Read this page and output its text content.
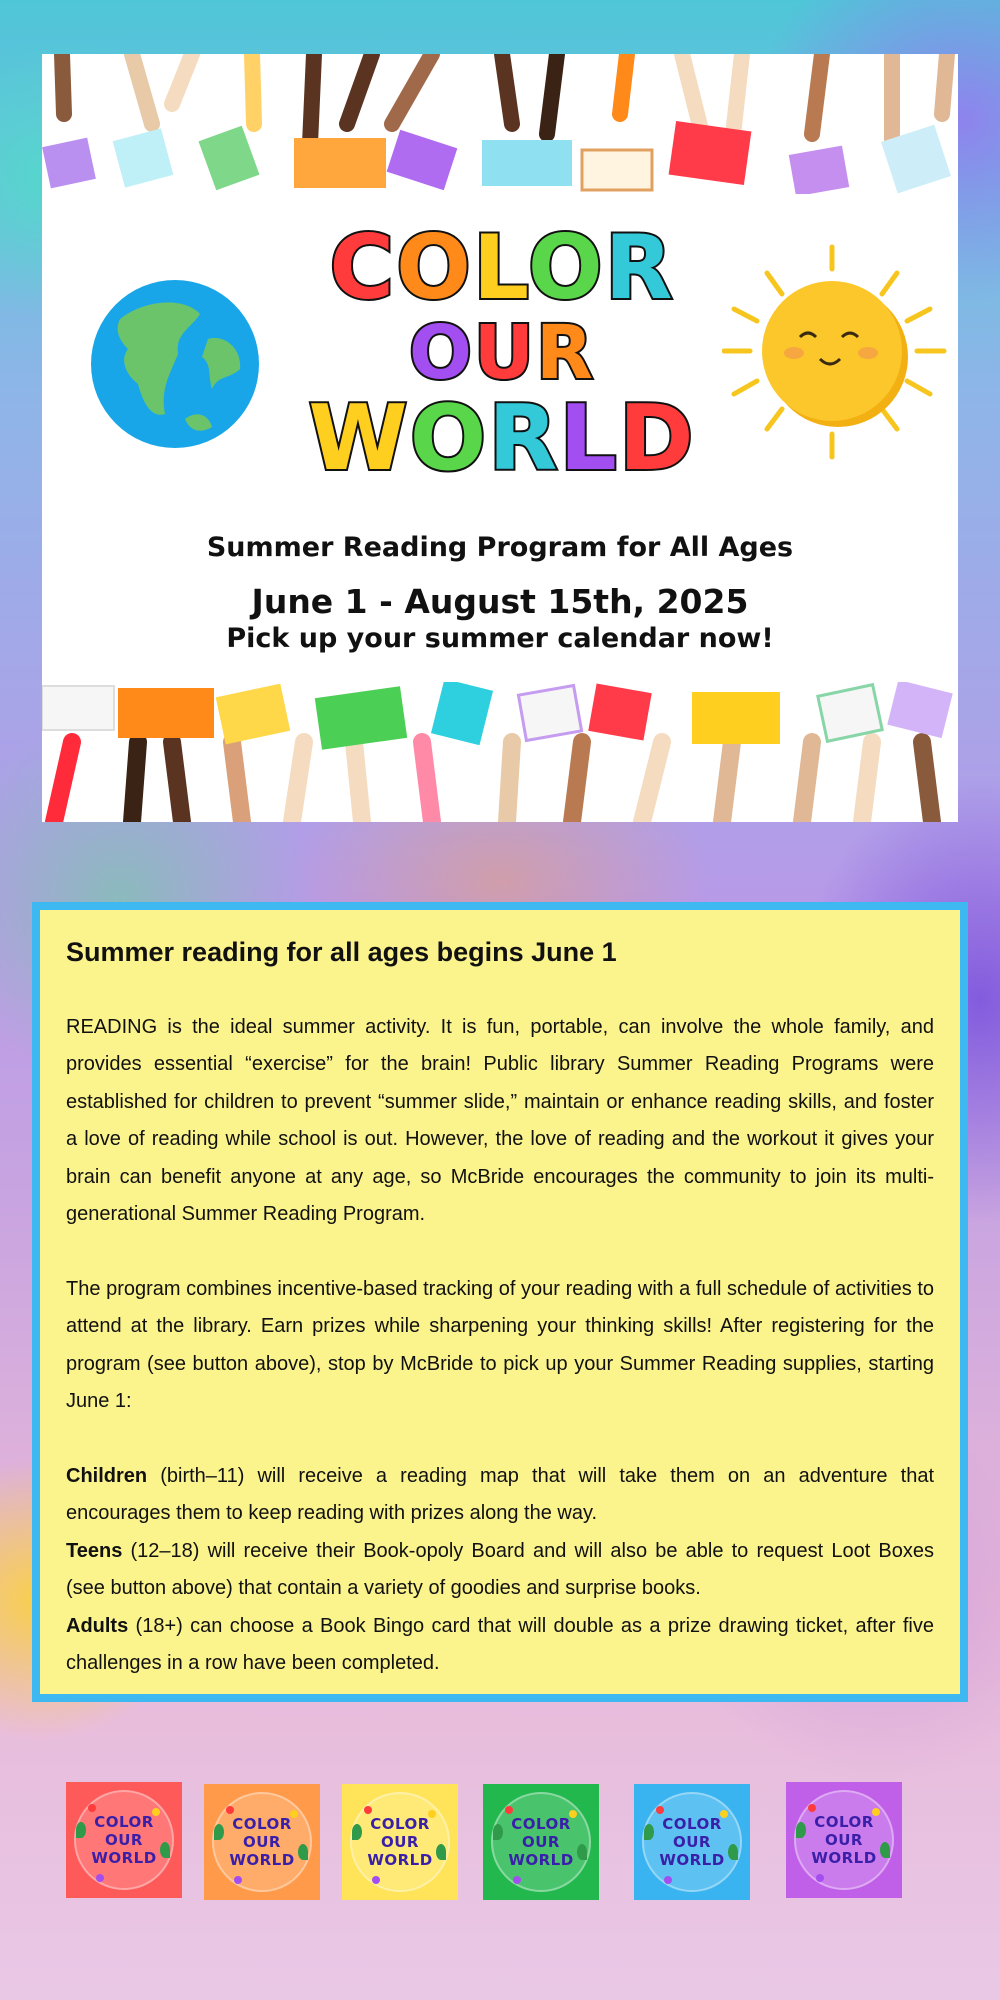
COLOR
OUR
WORLD
Summer Reading Program for All Ages
June 1 - August 15th, 2025
Pick up your summer calendar now!
Summer reading for all ages begins June 1

READING is the ideal summer activity. It is fun, portable, can involve the whole family, and provides essential “exercise” for the brain! Public library Summer Reading Programs were established for children to prevent “summer slide,” maintain or enhance reading skills, and foster a love of reading while school is out. However, the love of reading and the workout it gives your brain can benefit anyone at any age, so McBride encourages the community to join its multi-generational Summer Reading Program.

The program combines incentive-based tracking of your reading with a full schedule of activities to attend at the library. Earn prizes while sharpening your thinking skills! After registering for the program (see button above), stop by McBride to pick up your Summer Reading supplies, starting June 1:

Children (birth–11) will receive a reading map that will take them on an adventure that encourages them to keep reading with prizes along the way.

Teens (12–18) will receive their Book-opoly Board and will also be able to request Loot Boxes (see button above) that contain a variety of goodies and surprise books.

Adults (18+) can choose a Book Bingo card that will double as a prize drawing ticket, after five challenges in a row have been completed.

COLOR
OUR
WORLD
COLOR
OUR
WORLD
COLOR
OUR
WORLD
COLOR
OUR
WORLD
COLOR
OUR
WORLD
COLOR
OUR
WORLD
